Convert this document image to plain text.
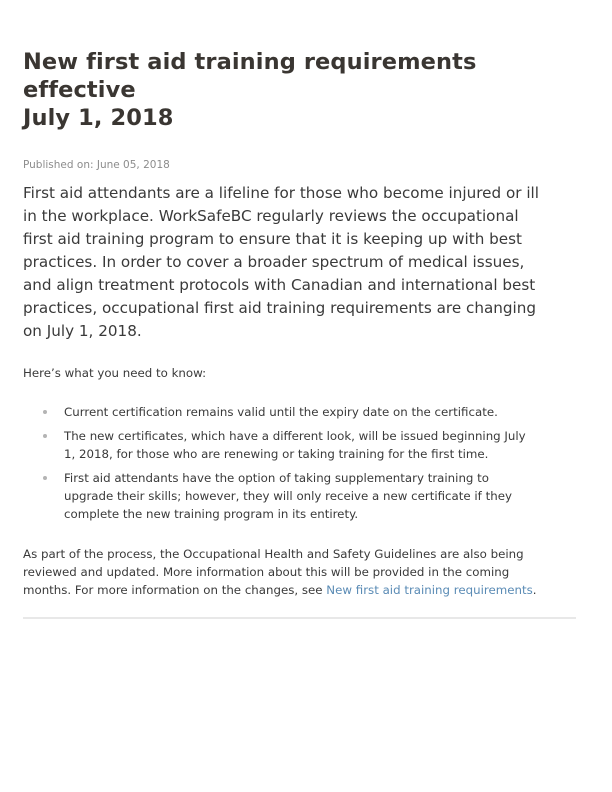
New first aid training requirements effective
July 1, 2018
Published on: June 05, 2018
First aid attendants are a lifeline for those who become injured or ill
in the workplace. WorkSafeBC regularly reviews the occupational
first aid training program to ensure that it is keeping up with best
practices. In order to cover a broader spectrum of medical issues,
and align treatment protocols with Canadian and international best
practices, occupational first aid training requirements are changing
on July 1, 2018.
Here’s what you need to know:
Current certification remains valid until the expiry date on the certificate.
The new certificates, which have a different look, will be issued beginning July
1, 2018, for those who are renewing or taking training for the first time.
First aid attendants have the option of taking supplementary training to
upgrade their skills; however, they will only receive a new certificate if they
complete the new training program in its entirety.
As part of the process, the Occupational Health and Safety Guidelines are also being
reviewed and updated. More information about this will be provided in the coming
months. For more information on the changes, see New first aid training requirements.
